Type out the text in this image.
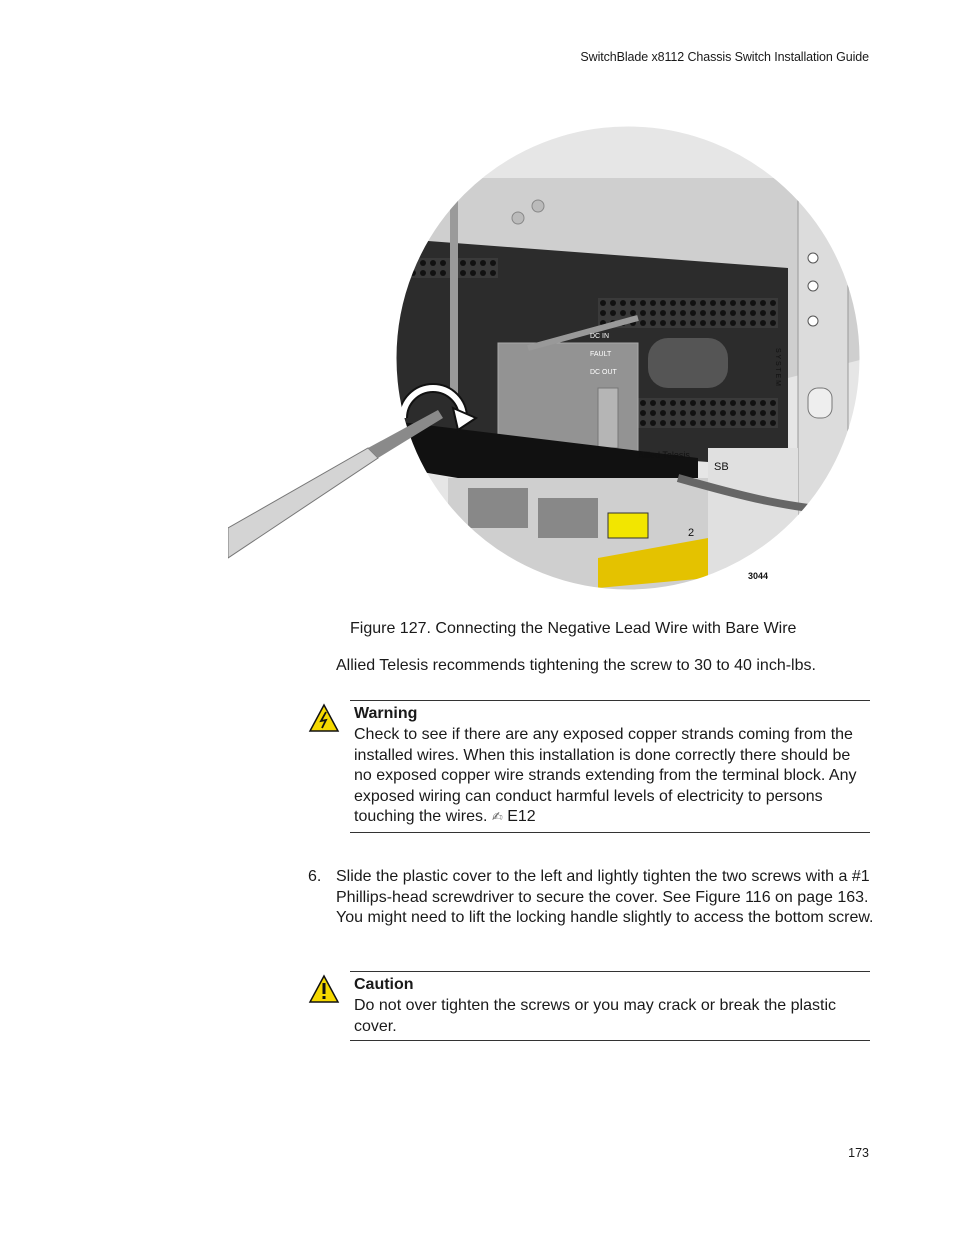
SwitchBlade x8112 Chassis Switch Installation Guide
DC IN
FAULT
DC OUT
Allied Telesis
SB
2
S Y S T E M
3044
Figure 127. Connecting the Negative Lead Wire with Bare Wire
Allied Telesis recommends tightening the screw to 30 to 40 inch-lbs.
Warning
Check to see if there are any exposed copper strands coming from the installed wires. When this installation is done correctly there should be no exposed copper wire strands extending from the terminal block. Any exposed wiring can conduct harmful levels of electricity to persons touching the wires. ✍ E12
6. Slide the plastic cover to the left and lightly tighten the two screws with a #1 Phillips-head screwdriver to secure the cover. See Figure 116 on page 163. You might need to lift the locking handle slightly to access the bottom screw.
Caution
Do not over tighten the screws or you may crack or break the plastic cover.
173
